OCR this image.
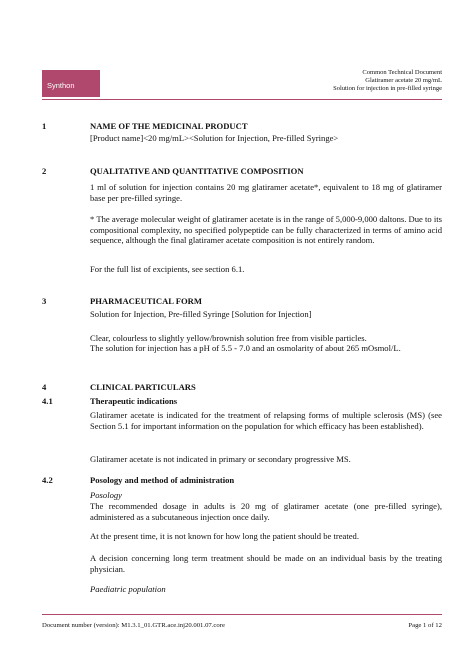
Synthon
Common Technical Document
Glatiramer acetate 20 mg/mL
Solution for injection in pre-filled syringe
1	NAME OF THE MEDICINAL PRODUCT
[Product name]<20 mg/mL><Solution for Injection, Pre-filled Syringe>
2	QUALITATIVE AND QUANTITATIVE COMPOSITION
1 ml of solution for injection contains 20 mg glatiramer acetate*, equivalent to 18 mg of glatiramer base per pre-filled syringe.
* The average molecular weight of glatiramer acetate is in the range of 5,000-9,000 daltons. Due to its compositional complexity, no specified polypeptide can be fully characterized in terms of amino acid sequence, although the final glatiramer acetate composition is not entirely random.
For the full list of excipients, see section 6.1.
3	PHARMACEUTICAL FORM
Solution for Injection, Pre-filled Syringe [Solution for Injection]
Clear, colourless to slightly yellow/brownish solution free from visible particles.
The solution for injection has a pH of 5.5 - 7.0 and an osmolarity of about 265 mOsmol/L.
4	CLINICAL PARTICULARS
4.1	Therapeutic indications
Glatiramer acetate is indicated for the treatment of relapsing forms of multiple sclerosis (MS) (see Section 5.1 for important information on the population for which efficacy has been established).
Glatiramer acetate is not indicated in primary or secondary progressive MS.
4.2	Posology and method of administration
Posology
The recommended dosage in adults is 20 mg of glatiramer acetate (one pre-filled syringe), administered as a subcutaneous injection once daily.
At the present time, it is not known for how long the patient should be treated.
A decision concerning long term treatment should be made on an individual basis by the treating physician.
Paediatric population
Document number (version): M1.3.1_01.GTR.ace.inj20.001.07.core	Page 1 of 12
